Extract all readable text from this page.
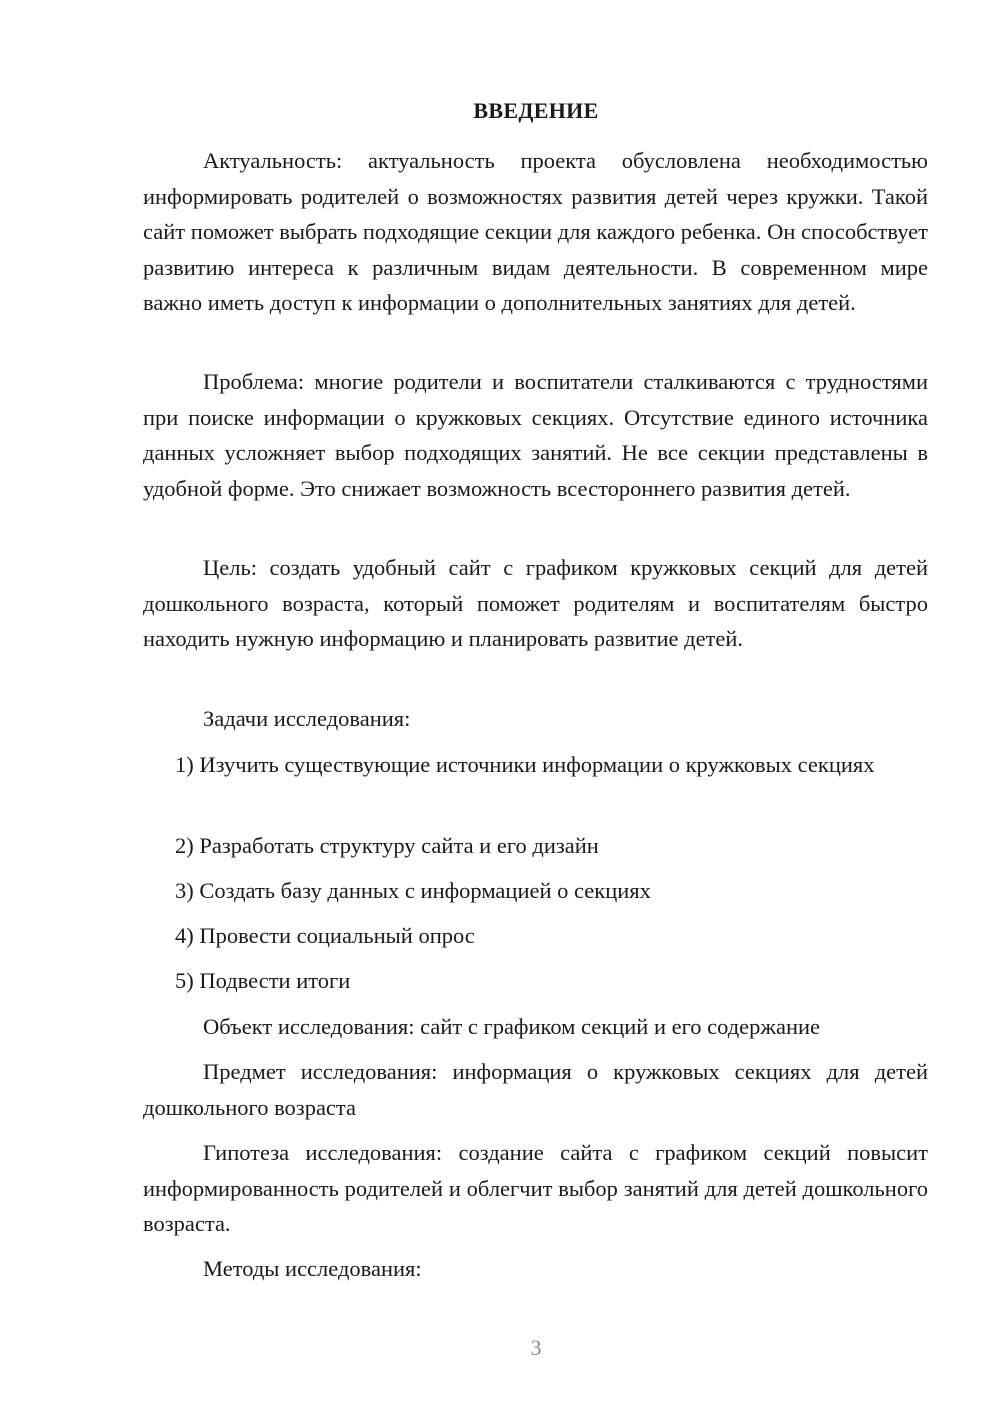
ВВЕДЕНИЕ

Актуальность: актуальность проекта обусловлена необходимостью информировать родителей о возможностях развития детей через кружки. Такой сайт поможет выбрать подходящие секции для каждого ребенка. Он способствует развитию интереса к различным видам деятельности. В современном мире важно иметь доступ к информации о дополнительных занятиях для детей.

Проблема: многие родители и воспитатели сталкиваются с трудностями при поиске информации о кружковых секциях. Отсутствие единого источника данных усложняет выбор подходящих занятий. Не все секции представлены в удобной форме. Это снижает возможность всестороннего развития детей.

Цель: создать удобный сайт с графиком кружковых секций для детей дошкольного возраста, который поможет родителям и воспитателям быстро находить нужную информацию и планировать развитие детей.

Задачи исследования:

1) Изучить существующие источники информации о кружковых секциях

2) Разработать структуру сайта и его дизайн

3) Создать базу данных с информацией о секциях

4) Провести социальный опрос

5) Подвести итоги

Объект исследования: сайт с графиком секций и его содержание

Предмет исследования: информация о кружковых секциях для детей дошкольного возраста

Гипотеза исследования: создание сайта с графиком секций повысит информированность родителей и облегчит выбор занятий для детей дошкольного возраста.

Методы исследования:

3
